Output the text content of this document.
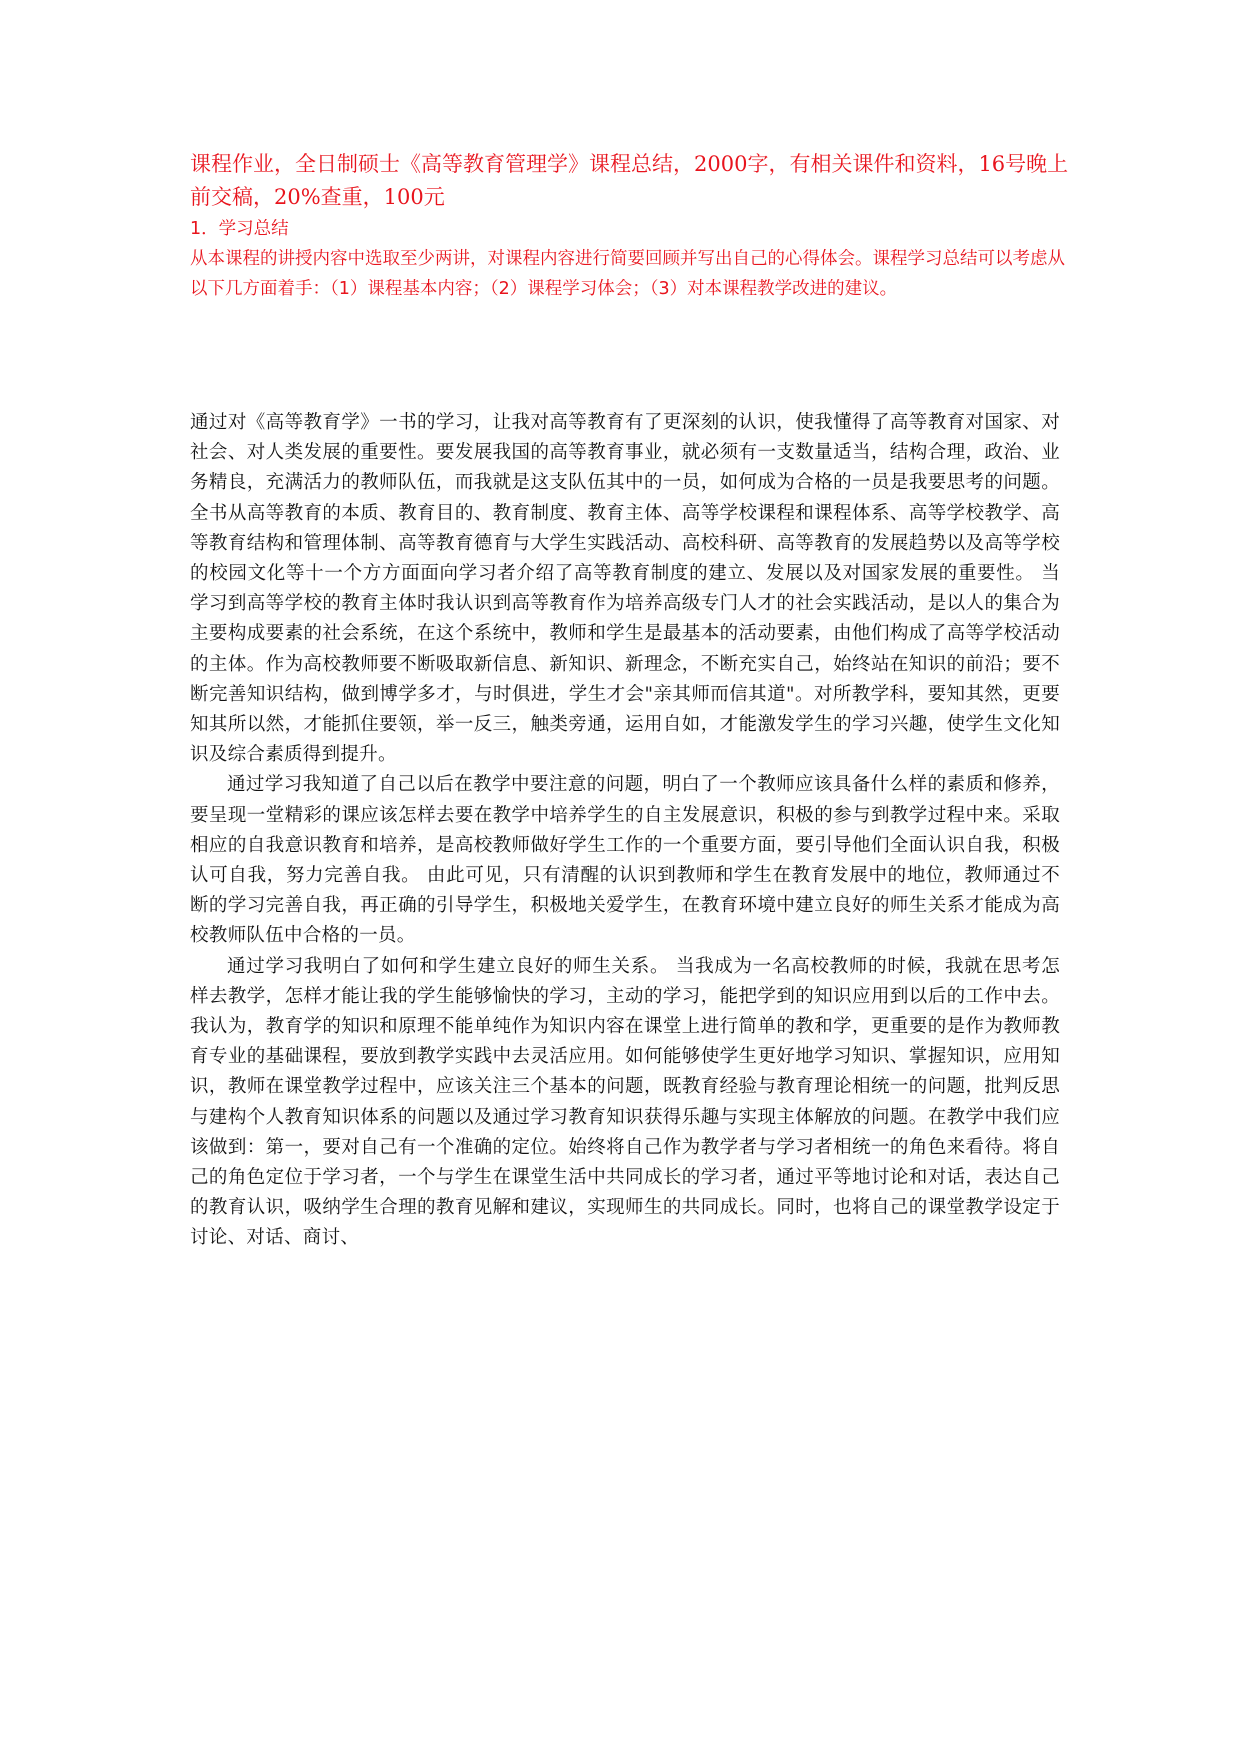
课程作业，全日制硕士《高等教育管理学》课程总结，2000字，有相关课件和资料，16号晚上前交稿，20%查重，100元

1．学习总结

从本课程的讲授内容中选取至少两讲，对课程内容进行简要回顾并写出自己的心得体会。课程学习总结可以考虑从以下几方面着手：（1）课程基本内容；（2）课程学习体会；（3）对本课程教学改进的建议。

通过对《高等教育学》一书的学习，让我对高等教育有了更深刻的认识，使我懂得了高等教育对国家、对社会、对人类发展的重要性。要发展我国的高等教育事业，就必须有一支数量适当，结构合理，政治、业务精良，充满活力的教师队伍，而我就是这支队伍其中的一员，如何成为合格的一员是我要思考的问题。 全书从高等教育的本质、教育目的、教育制度、教育主体、高等学校课程和课程体系、高等学校教学、高等教育结构和管理体制、高等教育德育与大学生实践活动、高校科研、高等教育的发展趋势以及高等学校的校园文化等十一个方方面面向学习者介绍了高等教育制度的建立、发展以及对国家发展的重要性。 当学习到高等学校的教育主体时我认识到高等教育作为培养高级专门人才的社会实践活动，是以人的集合为主要构成要素的社会系统，在这个系统中，教师和学生是最基本的活动要素，由他们构成了高等学校活动的主体。作为高校教师要不断吸取新信息、新知识、新理念，不断充实自己，始终站在知识的前沿；要不断完善知识结构，做到博学多才，与时俱进，学生才会"亲其师而信其道"。对所教学科，要知其然，更要知其所以然，才能抓住要领，举一反三，触类旁通，运用自如，才能激发学生的学习兴趣，使学生文化知识及综合素质得到提升。

通过学习我知道了自己以后在教学中要注意的问题，明白了一个教师应该具备什么样的素质和修养，要呈现一堂精彩的课应该怎样去要在教学中培养学生的自主发展意识，积极的参与到教学过程中来。采取相应的自我意识教育和培养，是高校教师做好学生工作的一个重要方面，要引导他们全面认识自我，积极认可自我，努力完善自我。 由此可见，只有清醒的认识到教师和学生在教育发展中的地位，教师通过不断的学习完善自我，再正确的引导学生，积极地关爱学生，在教育环境中建立良好的师生关系才能成为高校教师队伍中合格的一员。

通过学习我明白了如何和学生建立良好的师生关系。 当我成为一名高校教师的时候，我就在思考怎样去教学，怎样才能让我的学生能够愉快的学习，主动的学习，能把学到的知识应用到以后的工作中去。我认为，教育学的知识和原理不能单纯作为知识内容在课堂上进行简单的教和学，更重要的是作为教师教育专业的基础课程，要放到教学实践中去灵活应用。如何能够使学生更好地学习知识、掌握知识，应用知识，教师在课堂教学过程中，应该关注三个基本的问题，既教育经验与教育理论相统一的问题，批判反思与建构个人教育知识体系的问题以及通过学习教育知识获得乐趣与实现主体解放的问题。在教学中我们应该做到：第一，要对自己有一个准确的定位。始终将自己作为教学者与学习者相统一的角色来看待。将自己的角色定位于学习者，一个与学生在课堂生活中共同成长的学习者，通过平等地讨论和对话，表达自己的教育认识，吸纳学生合理的教育见解和建议，实现师生的共同成长。同时，也将自己的课堂教学设定于讨论、对话、商讨、
